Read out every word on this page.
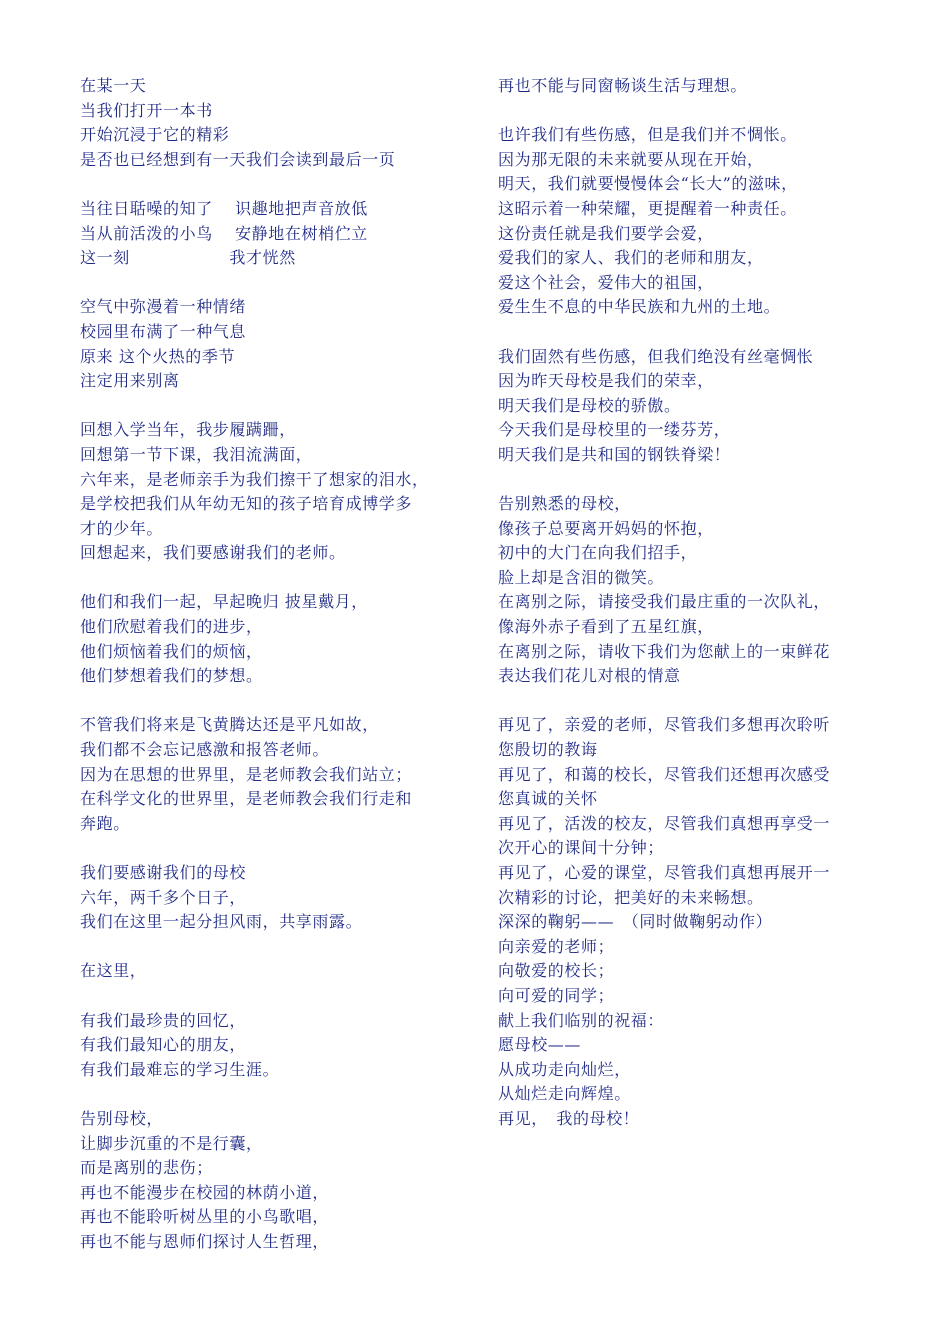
在某一天
当我们打开一本书
开始沉浸于它的精彩
是否也已经想到有一天我们会读到最后一页
当往日聒噪的知了　 识趣地把声音放低
当从前活泼的小鸟　 安静地在树梢伫立
这一刻　　　　　　我才恍然
空气中弥漫着一种情绪
校园里布满了一种气息
原来 这个火热的季节
注定用来别离
回想入学当年，我步履蹒跚，
回想第一节下课，我泪流满面，
六年来，是老师亲手为我们擦干了想家的泪水，
是学校把我们从年幼无知的孩子培育成博学多
才的少年。
回想起来，我们要感谢我们的老师。
他们和我们一起，早起晚归 披星戴月，
他们欣慰着我们的进步，
他们烦恼着我们的烦恼，
他们梦想着我们的梦想。
不管我们将来是飞黄腾达还是平凡如故，
我们都不会忘记感激和报答老师。
因为在思想的世界里，是老师教会我们站立；
在科学文化的世界里，是老师教会我们行走和
奔跑。
我们要感谢我们的母校
六年，两千多个日子，
我们在这里一起分担风雨，共享雨露。
在这里，
有我们最珍贵的回忆，
有我们最知心的朋友，
有我们最难忘的学习生涯。
告别母校，
让脚步沉重的不是行囊，
而是离别的悲伤；
再也不能漫步在校园的林荫小道，
再也不能聆听树丛里的小鸟歌唱，
再也不能与恩师们探讨人生哲理，
再也不能与同窗畅谈生活与理想。
也许我们有些伤感，但是我们并不惆怅。
因为那无限的未来就要从现在开始，
明天，我们就要慢慢体会“长大”的滋味，
这昭示着一种荣耀，更提醒着一种责任。
这份责任就是我们要学会爱，
爱我们的家人、我们的老师和朋友，
爱这个社会，爱伟大的祖国，
爱生生不息的中华民族和九州的土地。
我们固然有些伤感，但我们绝没有丝毫惆怅
因为昨天母校是我们的荣幸，
明天我们是母校的骄傲。
今天我们是母校里的一缕芬芳，
明天我们是共和国的钢铁脊梁！
告别熟悉的母校，
像孩子总要离开妈妈的怀抱，
初中的大门在向我们招手，
脸上却是含泪的微笑。
在离别之际，请接受我们最庄重的一次队礼，
像海外赤子看到了五星红旗，
在离别之际，请收下我们为您献上的一束鲜花
表达我们花儿对根的情意
再见了，亲爱的老师，尽管我们多想再次聆听
您殷切的教诲
再见了，和蔼的校长，尽管我们还想再次感受
您真诚的关怀
再见了，活泼的校友，尽管我们真想再享受一
次开心的课间十分钟；
再见了，心爱的课堂，尽管我们真想再展开一
次精彩的讨论，把美好的未来畅想。
深深的鞠躬——　（同时做鞠躬动作）
向亲爱的老师；
向敬爱的校长；
向可爱的同学；
献上我们临别的祝福：
愿母校——
从成功走向灿烂，
从灿烂走向辉煌。
再见，　我的母校！
